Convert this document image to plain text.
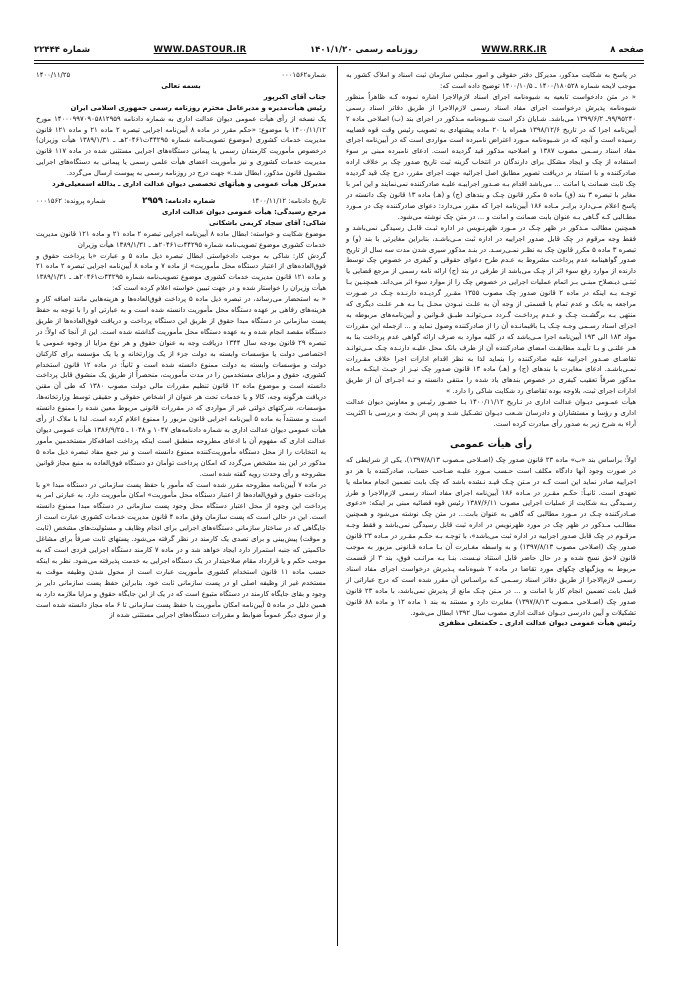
صفحه ۸
WWW.RRK.IR
روزنامه رسمی ۱۴۰۱/۱/۲۰
WWW.DASTOUR.IR
شماره ۲۲۴۴۴

در پاسخ به شکایت مذکور، مدیرکل دفتر حقوقی و امور مجلس سازمان ثبت اسناد و املاک کشور به موجب لایحه شماره ۱۴۰۰/۱۸۰۵۲۸ ـ ۱۴۰۰/۱۰/۵ توضیح داده است که:

« در متن دادخواست تابعیه به شیوه‌نامه اجرای اسناد لازم‌الاجرا اشاره نموده کـه ظاهراً منظور شیوه‌نامه پذیرش درخواست اجرای مفاد اسناد رسمی لازم‌الاجرا از طریق دفاتر اسناد رسمی ۹۹/۹۵۲۴۰ـ ۱۳۹۹/۶/۲ می‌باشد. شـایان ذکر است شـیوه‌نامه مـذکور در اجرای بند (ب) اصلاحی ماده ۲ آیین‌نامه اجرا که در تاریخ ۱۳۹۸/۱۲/۶ همراه با ۲۰ ماده پیشنهادی به تصویب رئیس وقت قوه قضاییه رسیده است و آنچه که در شـیوه‌نامه مـورد اعتراض نامبرده است مواردی است که در آیین‌نامه اجرای مفاد اسناد رسـمی مصوب ۱۳۸۷ و اصلاحیه مذکور قید گردیده است. ادعای نامبرده مبنی بر سوء استفاده از چک و ایجاد مشکل برای دارندگان در انتخاب گزینه ثبت تاریخ صدور چک بر خلاف اراده صادرکننده و با استناد بر دریافت تصویر مطابق اصل اجرائیه جهت اجرای مقرر، درج چک قید گردیده چک ثابت ضمانت یا امانت ... می‌باشد اقدام بـه صـدور اجراییـه علیـه صادرکننده نمی‌نمایند و این امر با مغایر با تبصره ۳ بند (ق) ماده ۵ مکرر قانون چـک و بندهای (ج) و (هـ) ماده ۱۳ قانون چک دانسته در پاسخ اعلام مـی‌دارد برابـر مـاده ۱۸۶ آیین‌نامه اجرا که مقرر می‌دارد: دعوای صادرکننده چک در مـورد مطـالبی کـه گـاهی بـه عنوان بابت ضمانت و امانت و ... در متن چک نوشته می‌شود.

همچنین مطالب مـذکور در ظهر چـک در مـورد ظهرنـویس در اداره ثبـت قابـل رسیدگی نمی‌باشد و فقط وجه مرقوم در چک قابل صدور اجراییه در اداره ثبت مـی‌باشـد، بنابراین مغایرتی با بند (و) و تبصره ۳ ماده ۵ مکرر قانون چک به نظـر نمـی‌رسـد. در بنـد مذکور سیری شدن مدت سه سال از تاریخ صدور گواهینامه عدم پرداخت مشروط به عـدم طرح دعوای حقوقی و کیفری در خصوص چک توسط دارنده از موارد رفع سوء اثر از چـک می‌باشد از طرفی در بند (ج) ارائه نامه رسمی از مرجع قضایی یا ثبتـی ذیـصلاح مبنـی بـر اتمام عملیات اجرایی در خصوص چک را از موارد سوء اثر می‌داند. همچنـین بـا توجـه بـه اینکه در ماده ۲ قانون صدور چک مصوب ۱۳۵۵ مقـرر گردیـده دارنـده چـک در صـورت مراجعه به بانک و عدم تمام یا قسمتی از وجه آن به علـت نبـودن محـل یـا بـه هـر علـت دیگری که منتهی بـه برگشـت چـک و عـدم پرداخـت گـردد مـی‌توانـد طبـق قـوانین و آیین‌نامه‌های مربوطه به اجرای اسناد رسـمی وجـه چـک یـا باقیمانـده آن را از صادرکننده وصول نماید و ... ازجمله این مقررات مواد ۱۸۳ الی ۱۹۳ آیین‌نامه اجرا مـی‌باشد که در کلیه موارد به صرف ارائه گواهی عدم پرداخت بنا به هـر علتـی و بـا تأییـد مطابقـت امضای صادرکننده آن از طرف بانک محل علیـه دارنـده چـک مـی‌توانـد تقاضـای صـدور اجراییه علیه صادرکننده را بنماید لذا به نظر اقدام ادارات اجرا خلاف مقـررات نمـی‌باشـد. ادعای مغایرت با بندهای (ج) و (هـ) ماده ۱۳ قانون صدور چک نیـز از حیـث اینکـه مـاده مذکور صرفاً تعقیب کیفری در خصوص بندهای یاد شده را منتفی دانسته و نـه اجـرای آن از طریق ادارات اجرای ثبت، بلاوجه بوده تقاضای رد شکایت شاکی را دارد. »

هیأت عمـومی دیـوان عدالت اداری در تـاریخ ۱۴۰۰/۱۱/۱۲ بـا حضـور رئیـس و معاونین دیوان عدالت اداری و رؤسا و مستشاران و دادرسان شـعب دیـوان تشـکیل شـد و پس از بحث و بررسی با اکثریت آراء به شرح زیر به صدور رأی مبادرت کرده است.

رأی هیأت عمومی

اولاً: براساس بند «ب» ماده ۲۳ قانون صدور چک (اصـلاحی مـصوب ۱۳۹۷/۸/۱۳)، یکی از شرایطی که در صورت وجود آنها دادگاه مکلف است حـسب مـورد علیـه صـاحب حساب، صادرکننده یا هر دو اجراییه صادر نماید این است کـه در مـتن چـک قیـد نـشده باشد که چک بابت تضمین انجام معامله یا تعهدی است. ثانیـاً: حکـم مقـرر در مـاده ۱۸۶ آیین‌نامه اجرای مفاد اسناد رسمی لازم‌الاجرا و طرز رسـیدگی بـه شکایت از عملیات اجرایی مصوب ۱۳۸۷/۶/۱۱ رئیس قوه قضائیه مبنی بر اینکه: «دعوی صـادرکننده چـک در مـورد مطالبی که گاهی به عنوان بابت... در متن چک نوشته می‌شود و همچنین مطالـب مـذکور در ظهر چک در مورد ظهرنویس در اداره ثبت قابل رسیدگی نمی‌باشد و فقط وجـه مرقـوم در چک قابل صدور اجراییه در اداره ثبت می‌باشد»، با توجـه بـه حکـم مقـرر در مـاده ۲۳ قانون صدور چک (اصلاحی مصوب ۱۳۹۷/۸/۱۳) و به واسطه مغـایرت آن بـا مـاده قـانونی مزبور به موجب قانون لاحق نسخ شده و در حال حاضر قابل استناد نیـست. بنـا بـه مراتـب فوق، بند ۳ از قسمت مربوط به ویژگیهای چکهای مورد تقاضا در ماده ۲ شیوه‌نامه پـذیرش درخواست اجرای مفاد اسناد رسمی لازم‌الاجرا از طریق دفاتر اسناد رسـمی کـه براسـاس آن مقرر شده است که درج عباراتی از قبیل بابت تضمین انجام کار یا امانت و ... در مـتن چـک مانع از پذیرش نمی‌باشد، با ماده ۲۳ قانون صدور چک (اصـلاحی مـصوب ۱۳۹۷/۸/۱۳) مغایرت دارد و مستند به بند ۱ ماده ۱۲ و ماده ۸۸ قانون تشکیلات و آیین دادرسی دیـوان عدالت اداری مصوب سال ۱۳۹۲ ابطال می‌شود.

رئیس هیأت عمومی دیوان عدالت اداری ـ حکمتعلی مظفری

شماره۰۰۰۱۵۶۲
۱۴۰۰/۱۱/۲۵

بسمه تعالی

جناب آقای اکبرپور

رئیس هیأت‌مدیره و مدیرعامل محترم روزنامه رسمی جمهوری اسلامی ایران

یک نسخه از رأی هیأت عمومی دیوان عدالت اداری به شماره دادنامه ۱۴۰۰۰۹۹۷۰۹۰۵۸۱۲۹۵۹ مورخ ۱۴۰۰/۱۱/۱۲ با موضوع: «حکم مقرر در ماده ۸ آیین‌نامه اجرایی تبصره ۲ ماده ۲۱ و ماده ۱۲۱ قانون مدیریت خدمات کشوری (موضوع تصویب‌نامه شماره ۴۴۲۹۵ت۲۰۴۶۱هـ ـ ۱۳۸۹/۱/۳۱ هیأت وزیران) درخصوص مأموریت کارمندان رسمی یا پیمانی دستگاه‌های اجرایی مستثنی شده در ماده ۱۱۷ قانون مدیریت خدمات کشوری و نیز مأموریت اعضای هیأت علمی رسمی یا پیمانی به دستگاه‌های اجرایی مشمول قانون مذکور، ابطال شد.» جهت درج در روزنامه رسمی به پیوست ارسال می‌گردد.

مدیرکل هیأت عمومی و هیأتهای تخصصی دیوان عدالت اداری ـ یدالله اسمعیلی‌فرد

تاریخ دادنامه: ۱۴۰۰/۱۱/۱۲
شماره دادنامه: ۲۹۵۹
شماره پرونده: ۰۰۰۱۵۶۲

مرجع رسیدگی: هیأت عمومی دیوان عدالت اداری

شاکی: آقای سجاد کریمی باشکانی

موضوع شکایت و خواسته: ابطال ماده ۸ آیین‌نامه اجرایی تبصره ۲ ماده ۲۱ و ماده ۱۲۱ قانون مدیریت خدمات کشوری موضوع تصویب‌نامه شماره ۴۴۲۹۵ت۲۰۴۶۱هـ ـ ۱۳۸۹/۱/۳۱ هیأت وزیران

گردش کار: شاکی به موجب دادخواستی ابطال تبصره ذیل ماده ۵ و عبارت «با پرداخت حقوق و فوق‌العاده‌های از اعتبار دستگاه محل مأموریت» از ماده ۷ و ماده ۸ آیین‌نامه اجرایی تبصره ۲ ماده ۲۱ و ماده ۱۲۱ قانون مدیریت خدمات کشوری موضوع تصویب‌نامه شماره ۴۴۲۹۵ت۲۰۴۶۱هـ ـ ۱۳۸۹/۱/۳۱ هیأت وزیران را خواستار شده و در جهت تبیین خواسته اعلام کرده است که:

« به استحضار می‌رساند، در تبصره ذیل ماده ۵ پرداخت فوق‌العاده‌ها و هزینه‌هایی مانند اضافه کار و هزینه‌های رفاهی بر عهده دستگاه محل مأموریت دانسته شده است و به عبارتی او را با توجه به حفظ پست سازمانی در دستگاه مبدا حقوق از طریق این دستگاه پرداخت و دریافت فوق‌العاده‌ها از طریق دستگاه مقصد انجام شده و به عهده دستگاه محل مأموریت گذاشته شده است. این از آنجا که اولاً: در تبصره ۲۹ قانون بودجه سال ۱۳۴۴ دریافت وجه به عنوان حقوق و هر نوع مزایا از وجوه عمومی یا اختصاصی دولت یا مؤسسات وابسته به دولت جزء از یک وزارتخانه و یا یک مؤسسه برای کارکنان دولت و مؤسسات وابسته به دولت ممنوع دانسته شده است و ثانیاً: در ماده ۱۲ قانون استخدام کشوری، حقوق و مزایای مستخدمین را در مدت مأموریت، منحصراً از طریق یک منشوق قابل پرداخت دانسته است و موضوع ماده ۱۲ قانون تنظیم مقررات مالی دولت مصوب ۱۳۸۰ که طی آن مقنن دریافت هرگونه وجه، کالا و یا خدمات تحت هر عنوان از اشخاص حقوقی و حقیقی توسط وزارتخانه‌ها، مؤسسات، شرکتهای دولتی غیر از مواردی که در مقررات قانونی مربوط معین شده را ممنوع دانسته است و مستنداً به ماده ۵ آیین‌نامه اجرایی قانون مزبور را ممنوع اعلام کرده است. لذا با ملاک از رأی هیأت عمومی دیوان عدالت اداری به شماره دادنامه‌های ۱۰۴۷ و ۱۰۴۸ ـ ۱۳۸۶/۹/۲۵ هیأت عمومی دیوان عدالت اداری که مفهوم آن با ادعای مطروحه منطبق است اینکه پرداخت اضافه‌کار مستخدمین مأمور به انتخابات را از محل دستگاه مأموریت‌کننده ممنوع دانسته است و نیز جمع مفاد تبصره ذیل ماده ۵ مذکور در این بند مشخص می‌گردد که امکان پرداخت توأمان دو دستگاه فوق‌العاده به منبع مجاز قوانین مشروحه و رأی وحدت رویه گفته شده است.

در ماده ۷ آیین‌نامه مطروحه مقرر شده است که مأمور با حفظ پست سازمانی در دستگاه مبدا «و با پرداخت حقوق و فوق‌العاده‌ها از اعتبار دستگاه محل مأموریت» امکان مأموریت دارد. به عبارتی امر به پرداخت این وجوه از محل اعتبار دستگاه محل وجود پست سازمانی در دستگاه مبدا ممنوع دانسته است. این در حالی است که پست سازمان وفق ماده ۴ قانون مدیریت خدمات کشوری عبارت است از جایگاهی که در ساختار سازمانی دستگاه‌های اجرایی برای انجام وظایف و مسئولیت‌های مشخص (ثابت و موقت) پیش‌بینی و برای تصدی یک کارمند در نظر گرفته می‌شود. پستهای ثابت صرفاً برای مشاغل حاکمیتی که جنبه استمرار دارد ایجاد خواهد شد و در ماده ۷ کارمند دستگاه اجرایی فردی است که به موجب حکم و یا قرارداد مقام صلاحیتدار در یک دستگاه اجرایی به خدمت پذیرفته می‌شود. نظر به اینکه حسب ماده ۱۱ قانون استخدام کشوری مأموریت عبارت است از محول شدن وظیفه موقت به مستخدم غیر از وظیفه اصلی او در پست سازمانی ثابت خود. بنابراین حفظ پست سازمانی دایر بر وجود و بقای جایگاه کارمند در دستگاه متبوع است که در یک از این جایگاه حقوق و مزایا ملازمه دارد به همین دلیل در ماده ۵ آیین‌نامه امکان مأموریت با حفظ پست سازمانی تا ۶ ماه مجاز دانسته شده است و از سوی دیگر عموماً ضوابط و مقررات دستگاه‌های اجرایی مستثنی شده از
